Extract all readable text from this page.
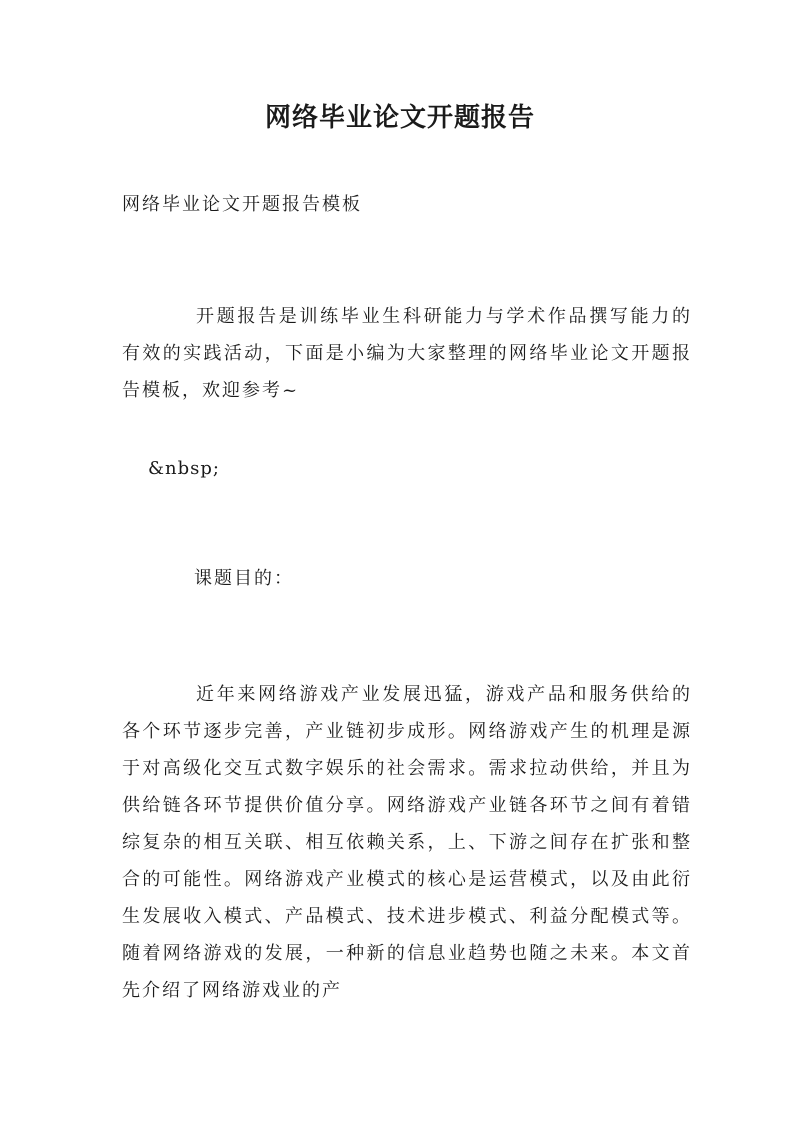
网络毕业论文开题报告

网络毕业论文开题报告模板

开题报告是训练毕业生科研能力与学术作品撰写能力的有效的实践活动，下面是小编为大家整理的网络毕业论文开题报告模板，欢迎参考~

&nbsp;

课题目的：

近年来网络游戏产业发展迅猛，游戏产品和服务供给的各个环节逐步完善，产业链初步成形。网络游戏产生的机理是源于对高级化交互式数字娱乐的社会需求。需求拉动供给，并且为供给链各环节提供价值分享。网络游戏产业链各环节之间有着错综复杂的相互关联、相互依赖关系，上、下游之间存在扩张和整合的可能性。网络游戏产业模式的核心是运营模式，以及由此衍生发展收入模式、产品模式、技术进步模式、利益分配模式等。随着网络游戏的发展，一种新的信息业趋势也随之未来。本文首先介绍了网络游戏业的产
